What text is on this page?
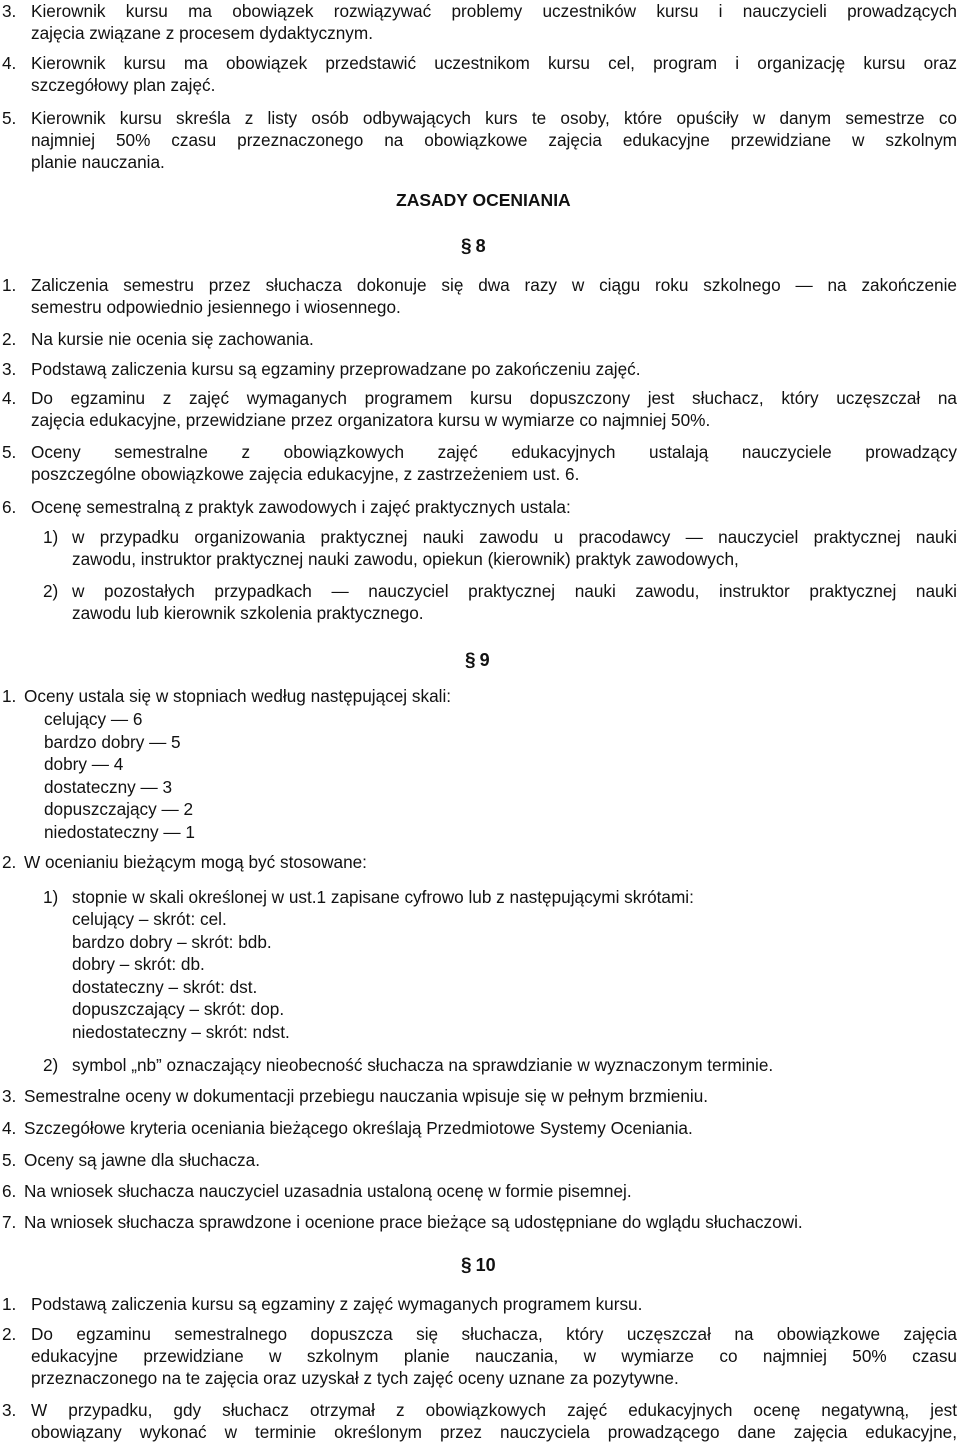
3. Kierownik kursu ma obowiązek rozwiązywać problemy uczestników kursu i nauczycieli prowadzących
zajęcia związane z procesem dydaktycznym.
4. Kierownik kursu ma obowiązek przedstawić uczestnikom kursu cel, program i organizację kursu oraz
szczegółowy plan zajęć.
5. Kierownik kursu skreśla z listy osób odbywających kurs te osoby, które opuściły w danym semestrze co
najmniej 50% czasu przeznaczonego na obowiązkowe zajęcia edukacyjne przewidziane w szkolnym
planie nauczania.
ZASADY OCENIANIA
§ 8
1. Zaliczenia semestru przez słuchacza dokonuje się dwa razy w ciągu roku szkolnego — na zakończenie
semestru odpowiednio jesiennego i wiosennego.
2. Na kursie nie ocenia się zachowania.
3. Podstawą zaliczenia kursu są egzaminy przeprowadzane po zakończeniu zajęć.
4. Do egzaminu z zajęć wymaganych programem kursu dopuszczony jest słuchacz, który uczęszczał na
zajęcia edukacyjne, przewidziane przez organizatora kursu w wymiarze co najmniej 50%.
5. Oceny semestralne z obowiązkowych zajęć edukacyjnych ustalają nauczyciele prowadzący
poszczególne obowiązkowe zajęcia edukacyjne, z zastrzeżeniem ust. 6.
6. Ocenę semestralną z praktyk zawodowych i zajęć praktycznych ustala:
1) w przypadku organizowania praktycznej nauki zawodu u pracodawcy — nauczyciel praktycznej nauki
zawodu, instruktor praktycznej nauki zawodu, opiekun (kierownik) praktyk zawodowych,
2) w pozostałych przypadkach — nauczyciel praktycznej nauki zawodu, instruktor praktycznej nauki
zawodu lub kierownik szkolenia praktycznego.
§ 9
1. Oceny ustala się w stopniach według następującej skali:
celujący — 6
bardzo dobry — 5
dobry — 4
dostateczny — 3
dopuszczający — 2
niedostateczny — 1
2. W ocenianiu bieżącym mogą być stosowane:
1) stopnie w skali określonej w ust.1 zapisane cyfrowo lub z następującymi skrótami:
celujący – skrót: cel.
bardzo dobry – skrót: bdb.
dobry – skrót: db.
dostateczny – skrót: dst.
dopuszczający – skrót: dop.
niedostateczny – skrót: ndst.
2) symbol „nb” oznaczający nieobecność słuchacza na sprawdzianie w wyznaczonym terminie.
3. Semestralne oceny w dokumentacji przebiegu nauczania wpisuje się w pełnym brzmieniu.
4. Szczegółowe kryteria oceniania bieżącego określają Przedmiotowe Systemy Oceniania.
5. Oceny są jawne dla słuchacza.
6. Na wniosek słuchacza nauczyciel uzasadnia ustaloną ocenę w formie pisemnej.
7. Na wniosek słuchacza sprawdzone i ocenione prace bieżące są udostępniane do wglądu słuchaczowi.
§ 10
1. Podstawą zaliczenia kursu są egzaminy z zajęć wymaganych programem kursu.
2. Do egzaminu semestralnego dopuszcza się słuchacza, który uczęszczał na obowiązkowe zajęcia
edukacyjne przewidziane w szkolnym planie nauczania, w wymiarze co najmniej 50% czasu
przeznaczonego na te zajęcia oraz uzyskał z tych zajęć oceny uznane za pozytywne.
3. W przypadku, gdy słuchacz otrzymał z obowiązkowych zajęć edukacyjnych ocenę negatywną, jest
obowiązany wykonać w terminie określonym przez nauczyciela prowadzącego dane zajęcia edukacyjne,
